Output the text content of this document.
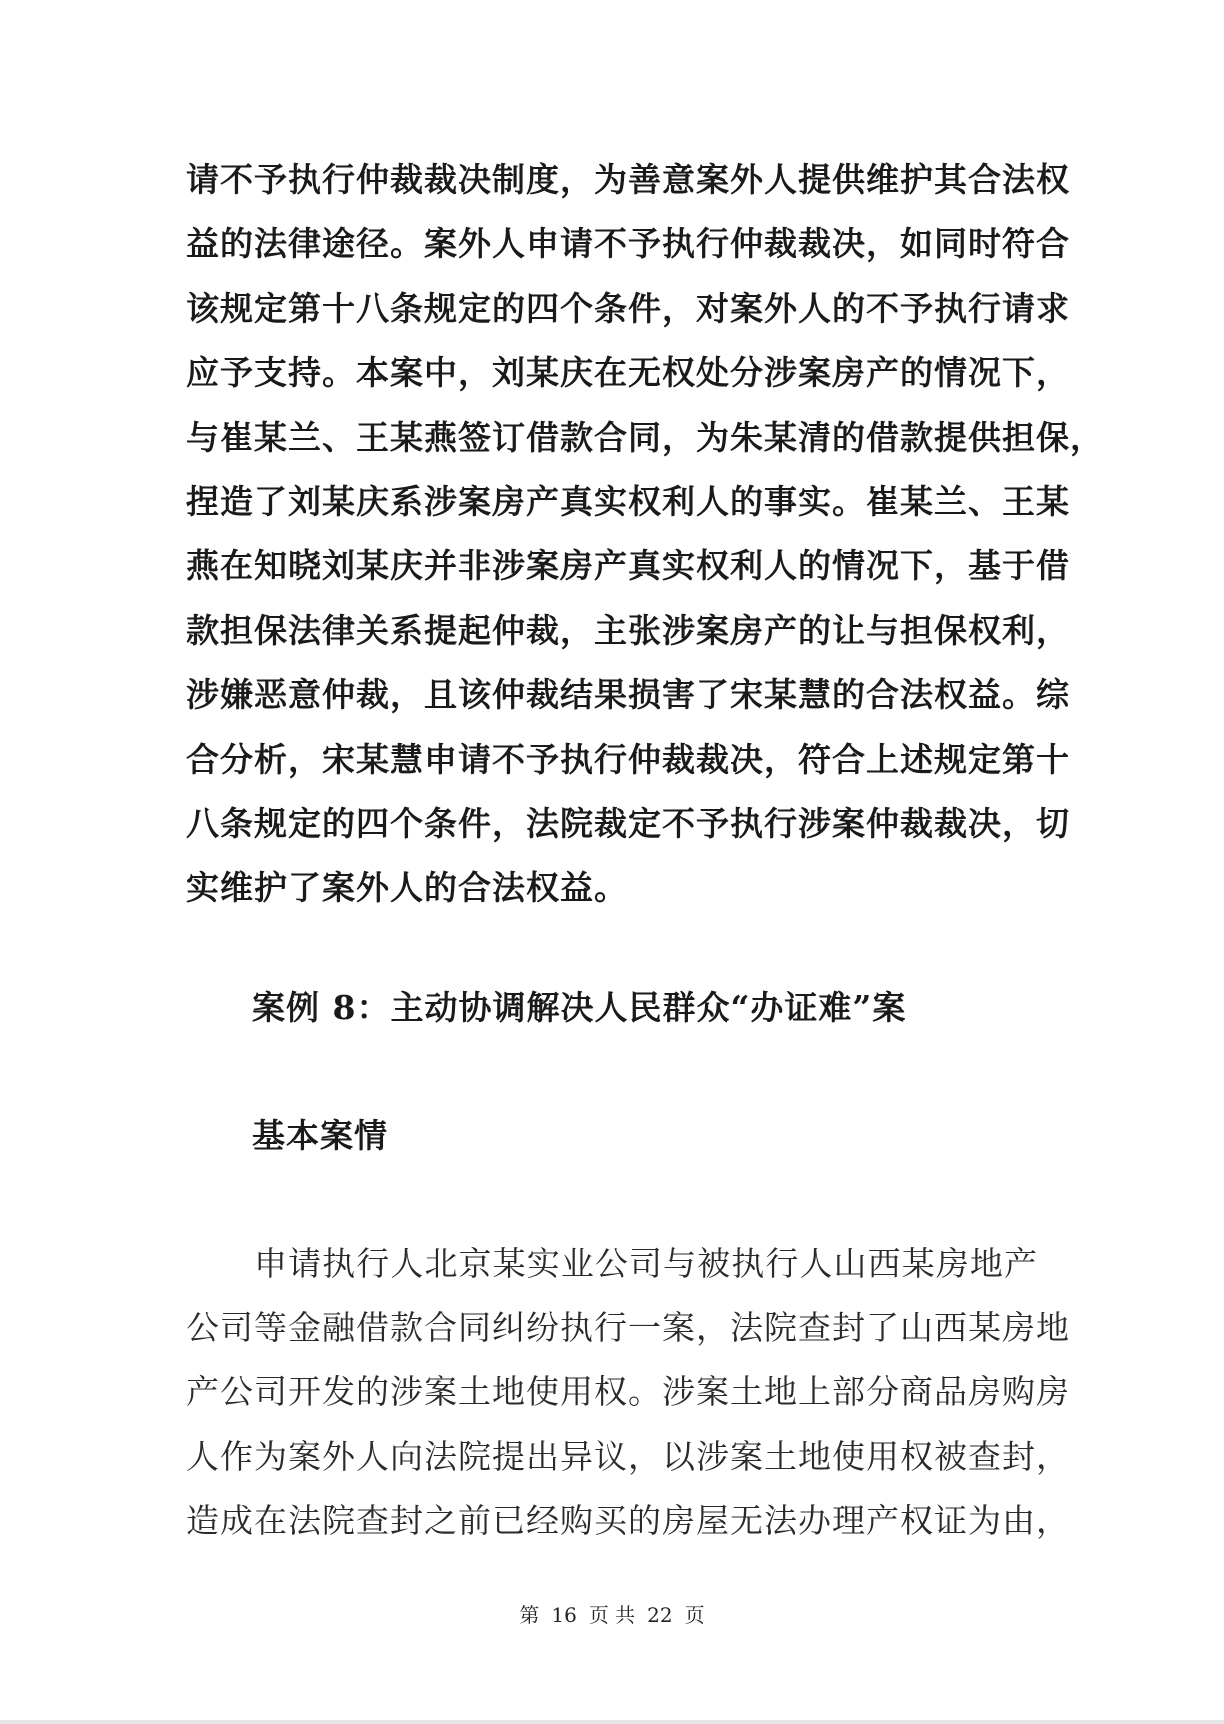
请不予执行仲裁裁决制度，为善意案外人提供维护其合法权
益的法律途径。案外人申请不予执行仲裁裁决，如同时符合
该规定第十八条规定的四个条件，对案外人的不予执行请求
应予支持。本案中，刘某庆在无权处分涉案房产的情况下，
与崔某兰、王某燕签订借款合同，为朱某清的借款提供担保，
捏造了刘某庆系涉案房产真实权利人的事实。崔某兰、王某
燕在知晓刘某庆并非涉案房产真实权利人的情况下，基于借
款担保法律关系提起仲裁，主张涉案房产的让与担保权利，
涉嫌恶意仲裁，且该仲裁结果损害了宋某慧的合法权益。综
合分析，宋某慧申请不予执行仲裁裁决，符合上述规定第十
八条规定的四个条件，法院裁定不予执行涉案仲裁裁决，切
实维护了案外人的合法权益。
案例 8：主动协调解决人民群众“办证难”案
基本案情
申请执行人北京某实业公司与被执行人山西某房地产
公司等金融借款合同纠纷执行一案，法院查封了山西某房地
产公司开发的涉案土地使用权。涉案土地上部分商品房购房
人作为案外人向法院提出异议，以涉案土地使用权被查封，
造成在法院查封之前已经购买的房屋无法办理产权证为由，
第 16 页 共 22 页
